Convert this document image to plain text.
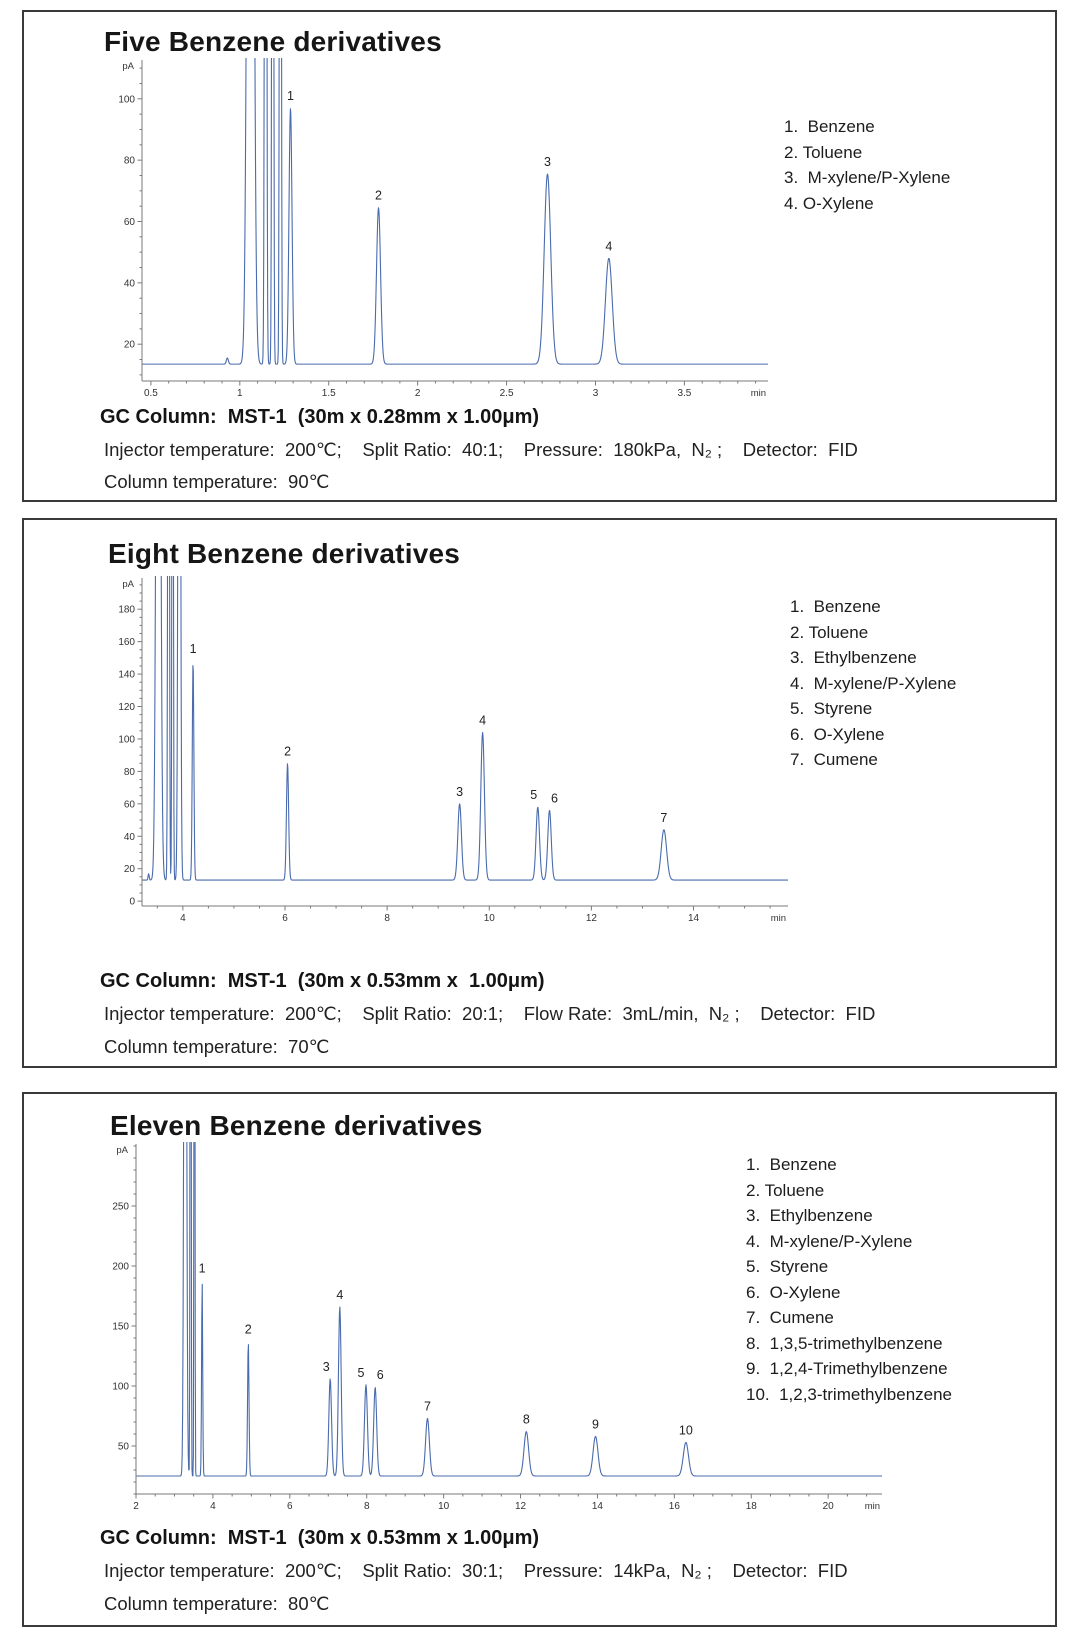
Five Benzene derivatives
20
40
60
80
100
0.5	1	1.5	2	2.5	3	3.5
pA
min
1
2
3
4
1.  Benzene
2. Toluene
3.  M-xylene/P-Xylene
4. O-Xylene
GC Column:  MST-1  (30m x 0.28mm x 1.00μm)
Injector temperature:  200℃;    Split Ratio:  40:1;    Pressure:  180kPa,  N₂ ;    Detector:  FID
Column temperature:  90℃
Eight Benzene derivatives
0
20
40
60
80
100
120
140
160
180
4	6	8	10	12	14
pA
min
1
2
3
4
5 6
7
1.  Benzene
2. Toluene
3.  Ethylbenzene
4.  M-xylene/P-Xylene
5.  Styrene
6.  O-Xylene
7.  Cumene
GC Column:  MST-1  (30m x 0.53mm x  1.00μm)
Injector temperature:  200℃;    Split Ratio:  20:1;    Flow Rate:  3mL/min,  N₂ ;    Detector:  FID
Column temperature:  70℃
Eleven Benzene derivatives
50
100
150
200
250
2	4	6	8	10	12	14	16	18	20
pA
min
1
2
3
4
5 6
7
8	9	10
1.  Benzene
2. Toluene
3.  Ethylbenzene
4.  M-xylene/P-Xylene
5.  Styrene
6.  O-Xylene
7.  Cumene
8.  1,3,5-trimethylbenzene
9.  1,2,4-Trimethylbenzene
10.  1,2,3-trimethylbenzene
GC Column:  MST-1  (30m x 0.53mm x 1.00μm)
Injector temperature:  200℃;    Split Ratio:  30:1;    Pressure:  14kPa,  N₂ ;    Detector:  FID
Column temperature:  80℃
